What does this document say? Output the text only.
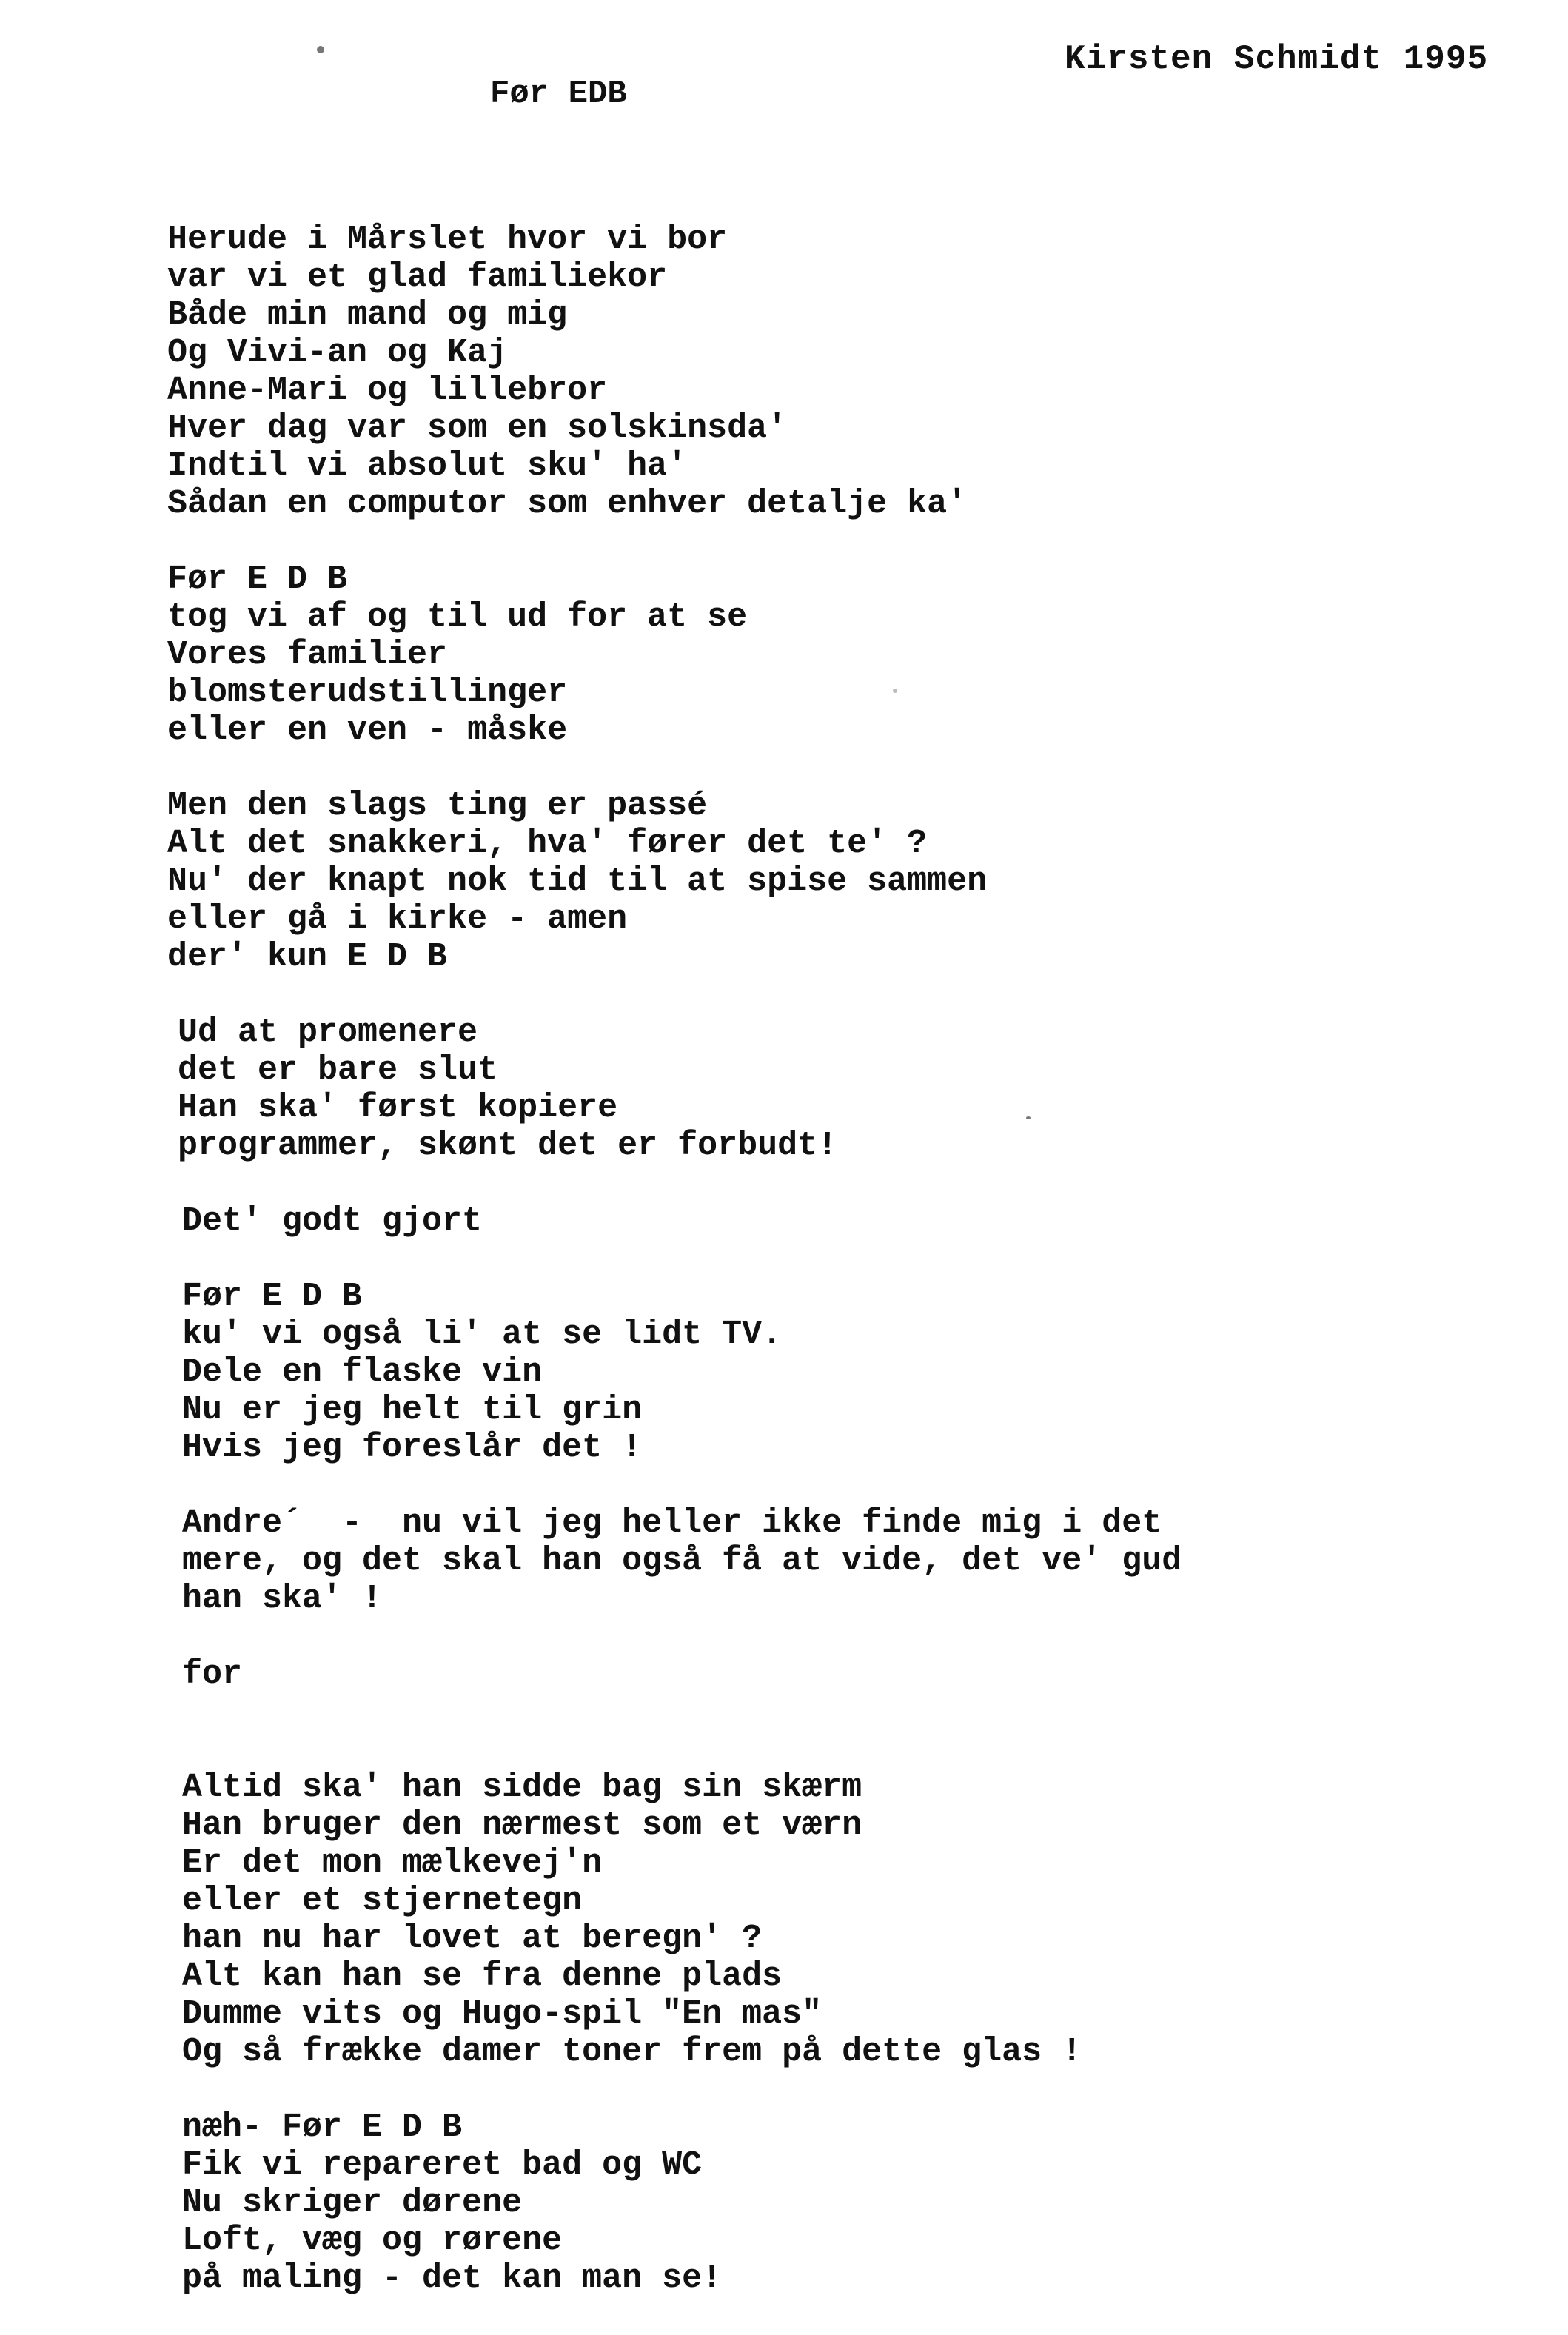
Kirsten Schmidt 1995
Før EDB
Herude i Mårslet hvor vi bor
var vi et glad familiekor
Både min mand og mig
Og Vivi-an og Kaj
Anne-Mari og lillebror
Hver dag var som en solskinsda'
Indtil vi absolut sku' ha'
Sådan en computor som enhver detalje ka'
Før E D B
tog vi af og til ud for at se
Vores familier
blomsterudstillinger
eller en ven - måske
Men den slags ting er passé
Alt det snakkeri, hva' fører det te' ?
Nu' der knapt nok tid til at spise sammen
eller gå i kirke - amen
der' kun E D B
Ud at promenere
det er bare slut
Han ska' først kopiere
programmer, skønt det er forbudt!
Det' godt gjort
Før E D B
ku' vi også li' at se lidt TV.
Dele en flaske vin
Nu er jeg helt til grin
Hvis jeg foreslår det !
Andre´  -  nu vil jeg heller ikke finde mig i det
mere, og det skal han også få at vide, det ve' gud
han ska' !
for
Altid ska' han sidde bag sin skærm
Han bruger den nærmest som et værn
Er det mon mælkevej'n
eller et stjernetegn
han nu har lovet at beregn' ?
Alt kan han se fra denne plads
Dumme vits og Hugo-spil "En mas"
Og så frække damer toner frem på dette glas !
næh- Før E D B
Fik vi repareret bad og WC
Nu skriger dørene
Loft, væg og rørene
på maling - det kan man se!
